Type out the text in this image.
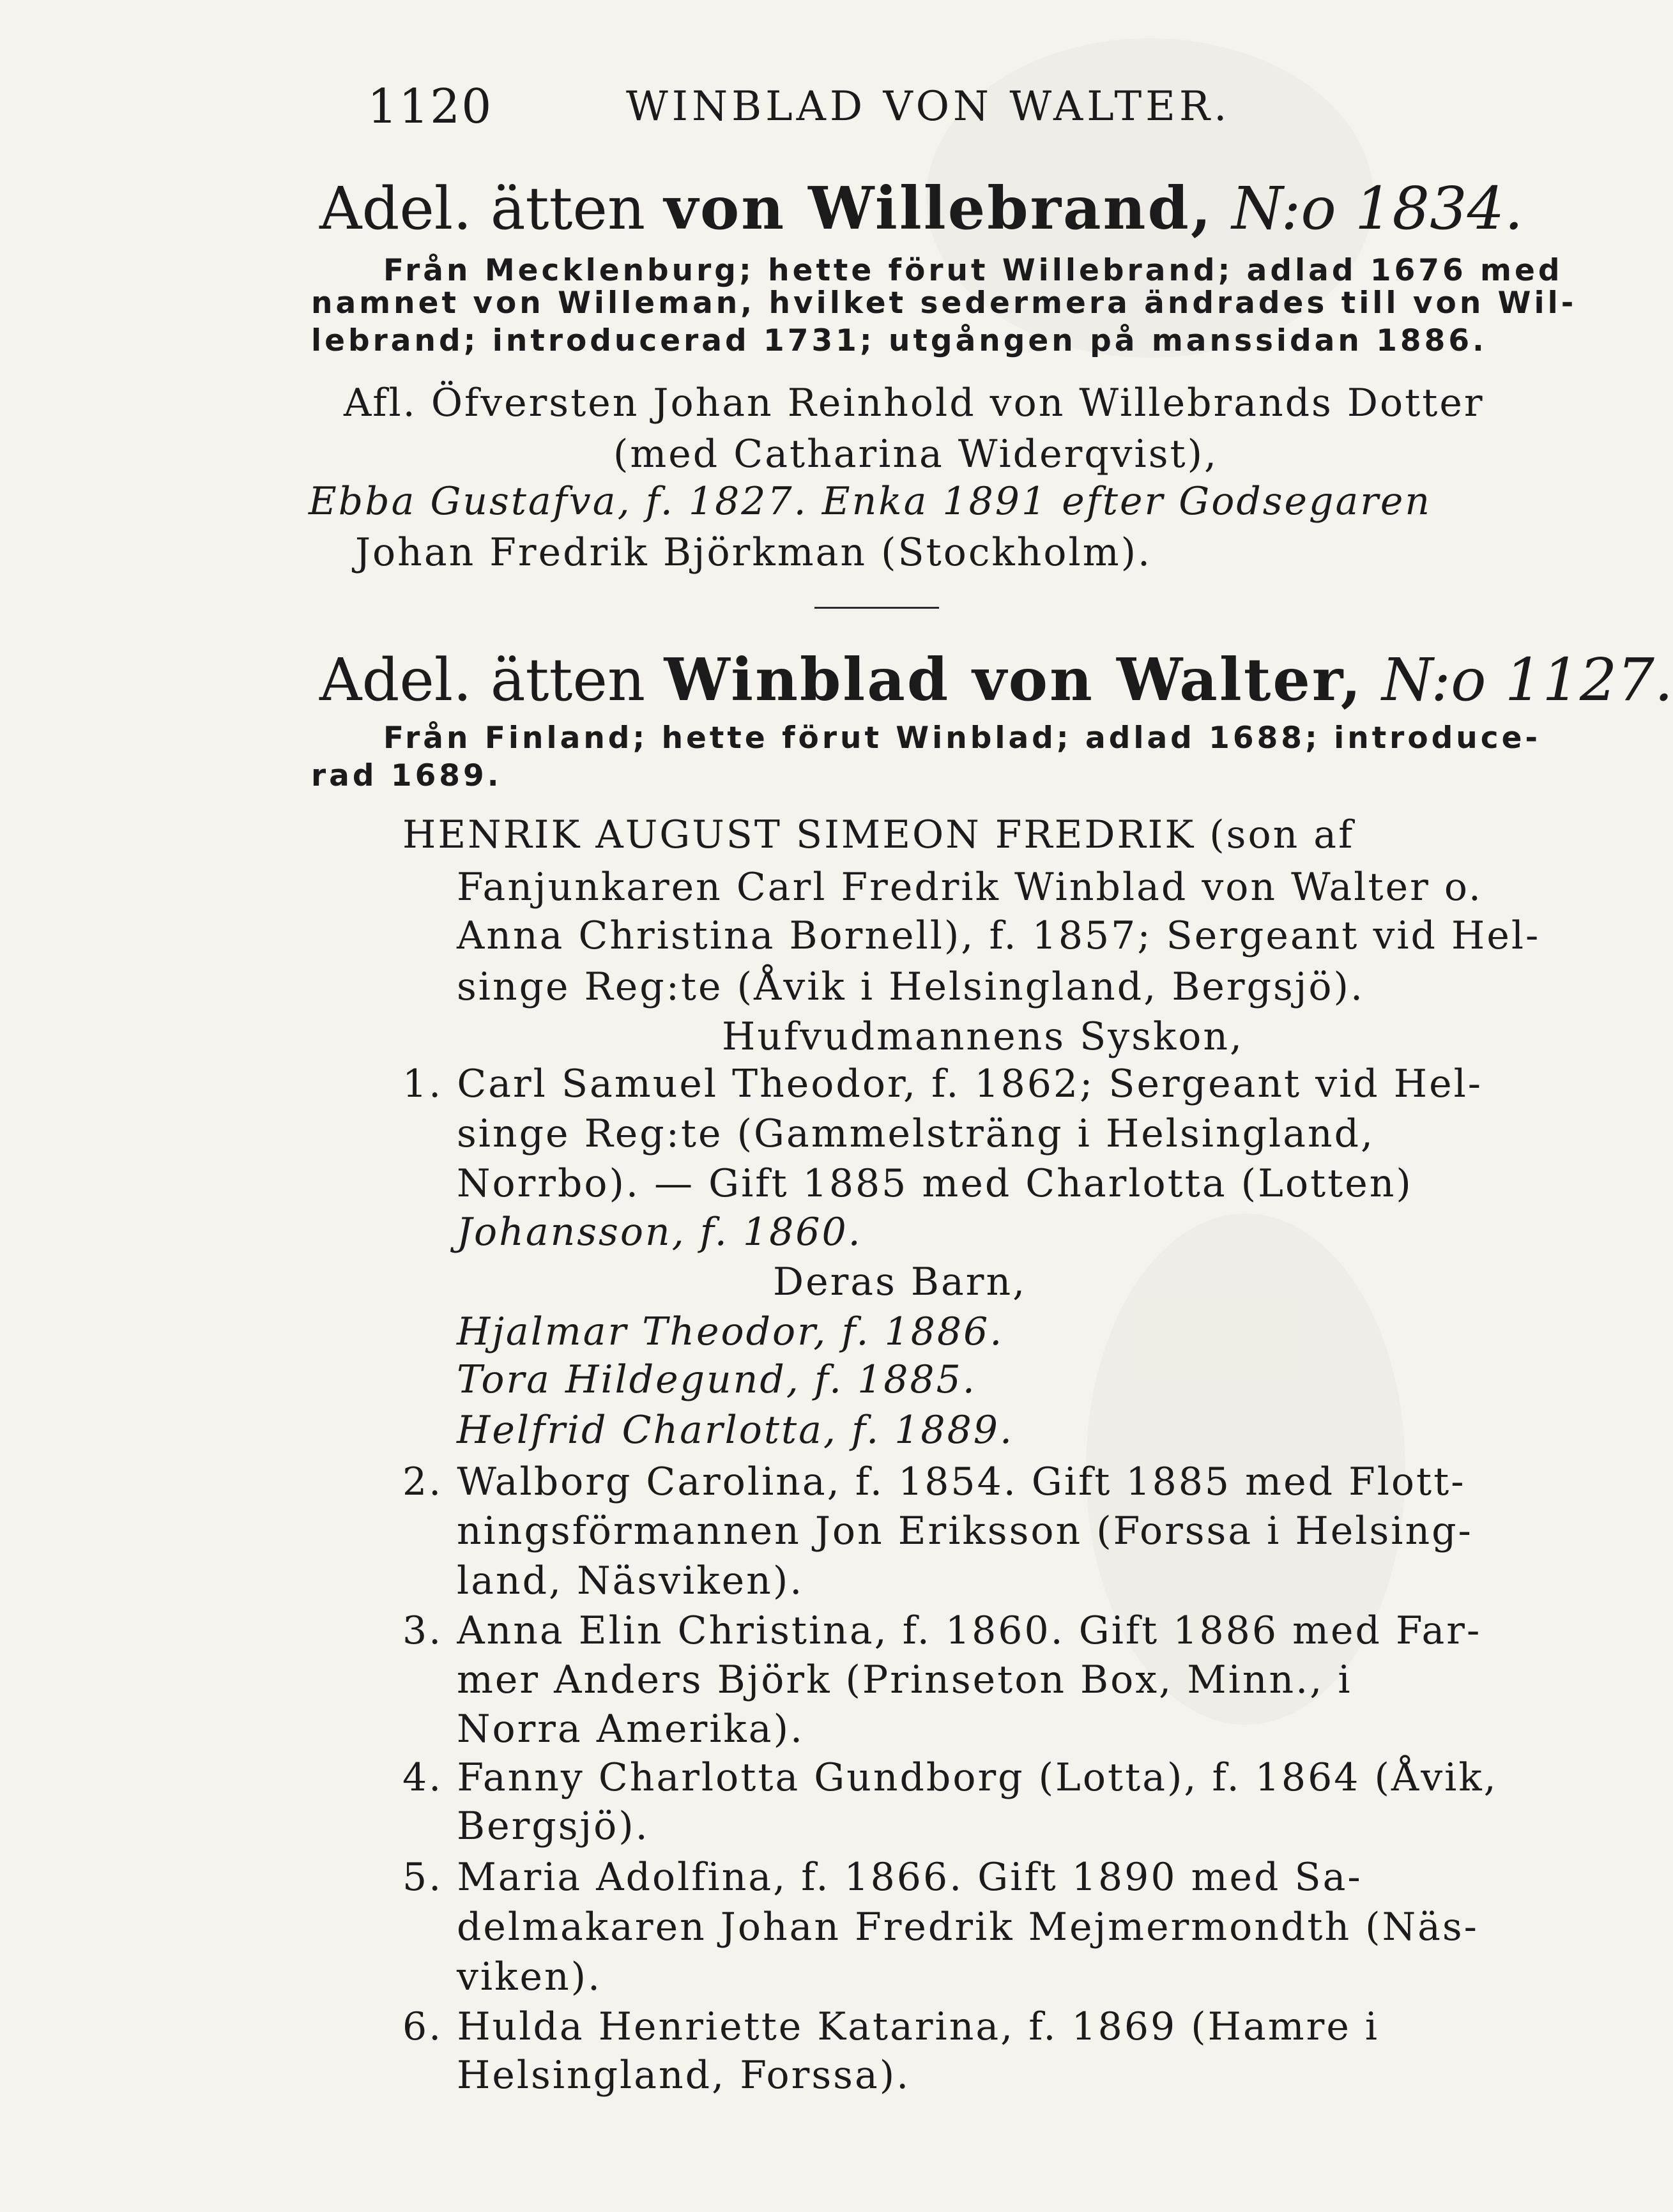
1120	WINBLAD VON WALTER.
Adel. ätten von Willebrand, N:o 1834.
Från Mecklenburg; hette förut Willebrand; adlad 1676 med
namnet von Willeman, hvilket sedermera ändrades till von Wil-
lebrand; introducerad 1731; utgången på manssidan 1886.
Afl. Öfversten Johan Reinhold von Willebrands Dotter
(med Catharina Widerqvist),
Ebba Gustafva, f. 1827. Enka 1891 efter Godsegaren
Johan Fredrik Björkman (Stockholm).
Adel. ätten Winblad von Walter, N:o 1127.
Från Finland; hette förut Winblad; adlad 1688; introduce-
rad 1689.
HENRIK AUGUST SIMEON FREDRIK (son af
Fanjunkaren Carl Fredrik Winblad von Walter o.
Anna Christina Bornell), f. 1857; Sergeant vid Hel-
singe Reg:te (Åvik i Helsingland, Bergsjö).
Hufvudmannens Syskon,
1. Carl Samuel Theodor, f. 1862; Sergeant vid Hel-
singe Reg:te (Gammelsträng i Helsingland,
Norrbo). — Gift 1885 med Charlotta (Lotten)
Johansson, f. 1860.
Deras Barn,
Hjalmar Theodor, f. 1886.
Tora Hildegund, f. 1885.
Helfrid Charlotta, f. 1889.
2. Walborg Carolina, f. 1854. Gift 1885 med Flott-
ningsförmannen Jon Eriksson (Forssa i Helsing-
land, Näsviken).
3. Anna Elin Christina, f. 1860. Gift 1886 med Far-
mer Anders Björk (Prinseton Box, Minn., i
Norra Amerika).
4. Fanny Charlotta Gundborg (Lotta), f. 1864 (Åvik,
Bergsjö).
5. Maria Adolfina, f. 1866. Gift 1890 med Sa-
delmakaren Johan Fredrik Mejmermondth (Näs-
viken).
6. Hulda Henriette Katarina, f. 1869 (Hamre i
Helsingland, Forssa).
